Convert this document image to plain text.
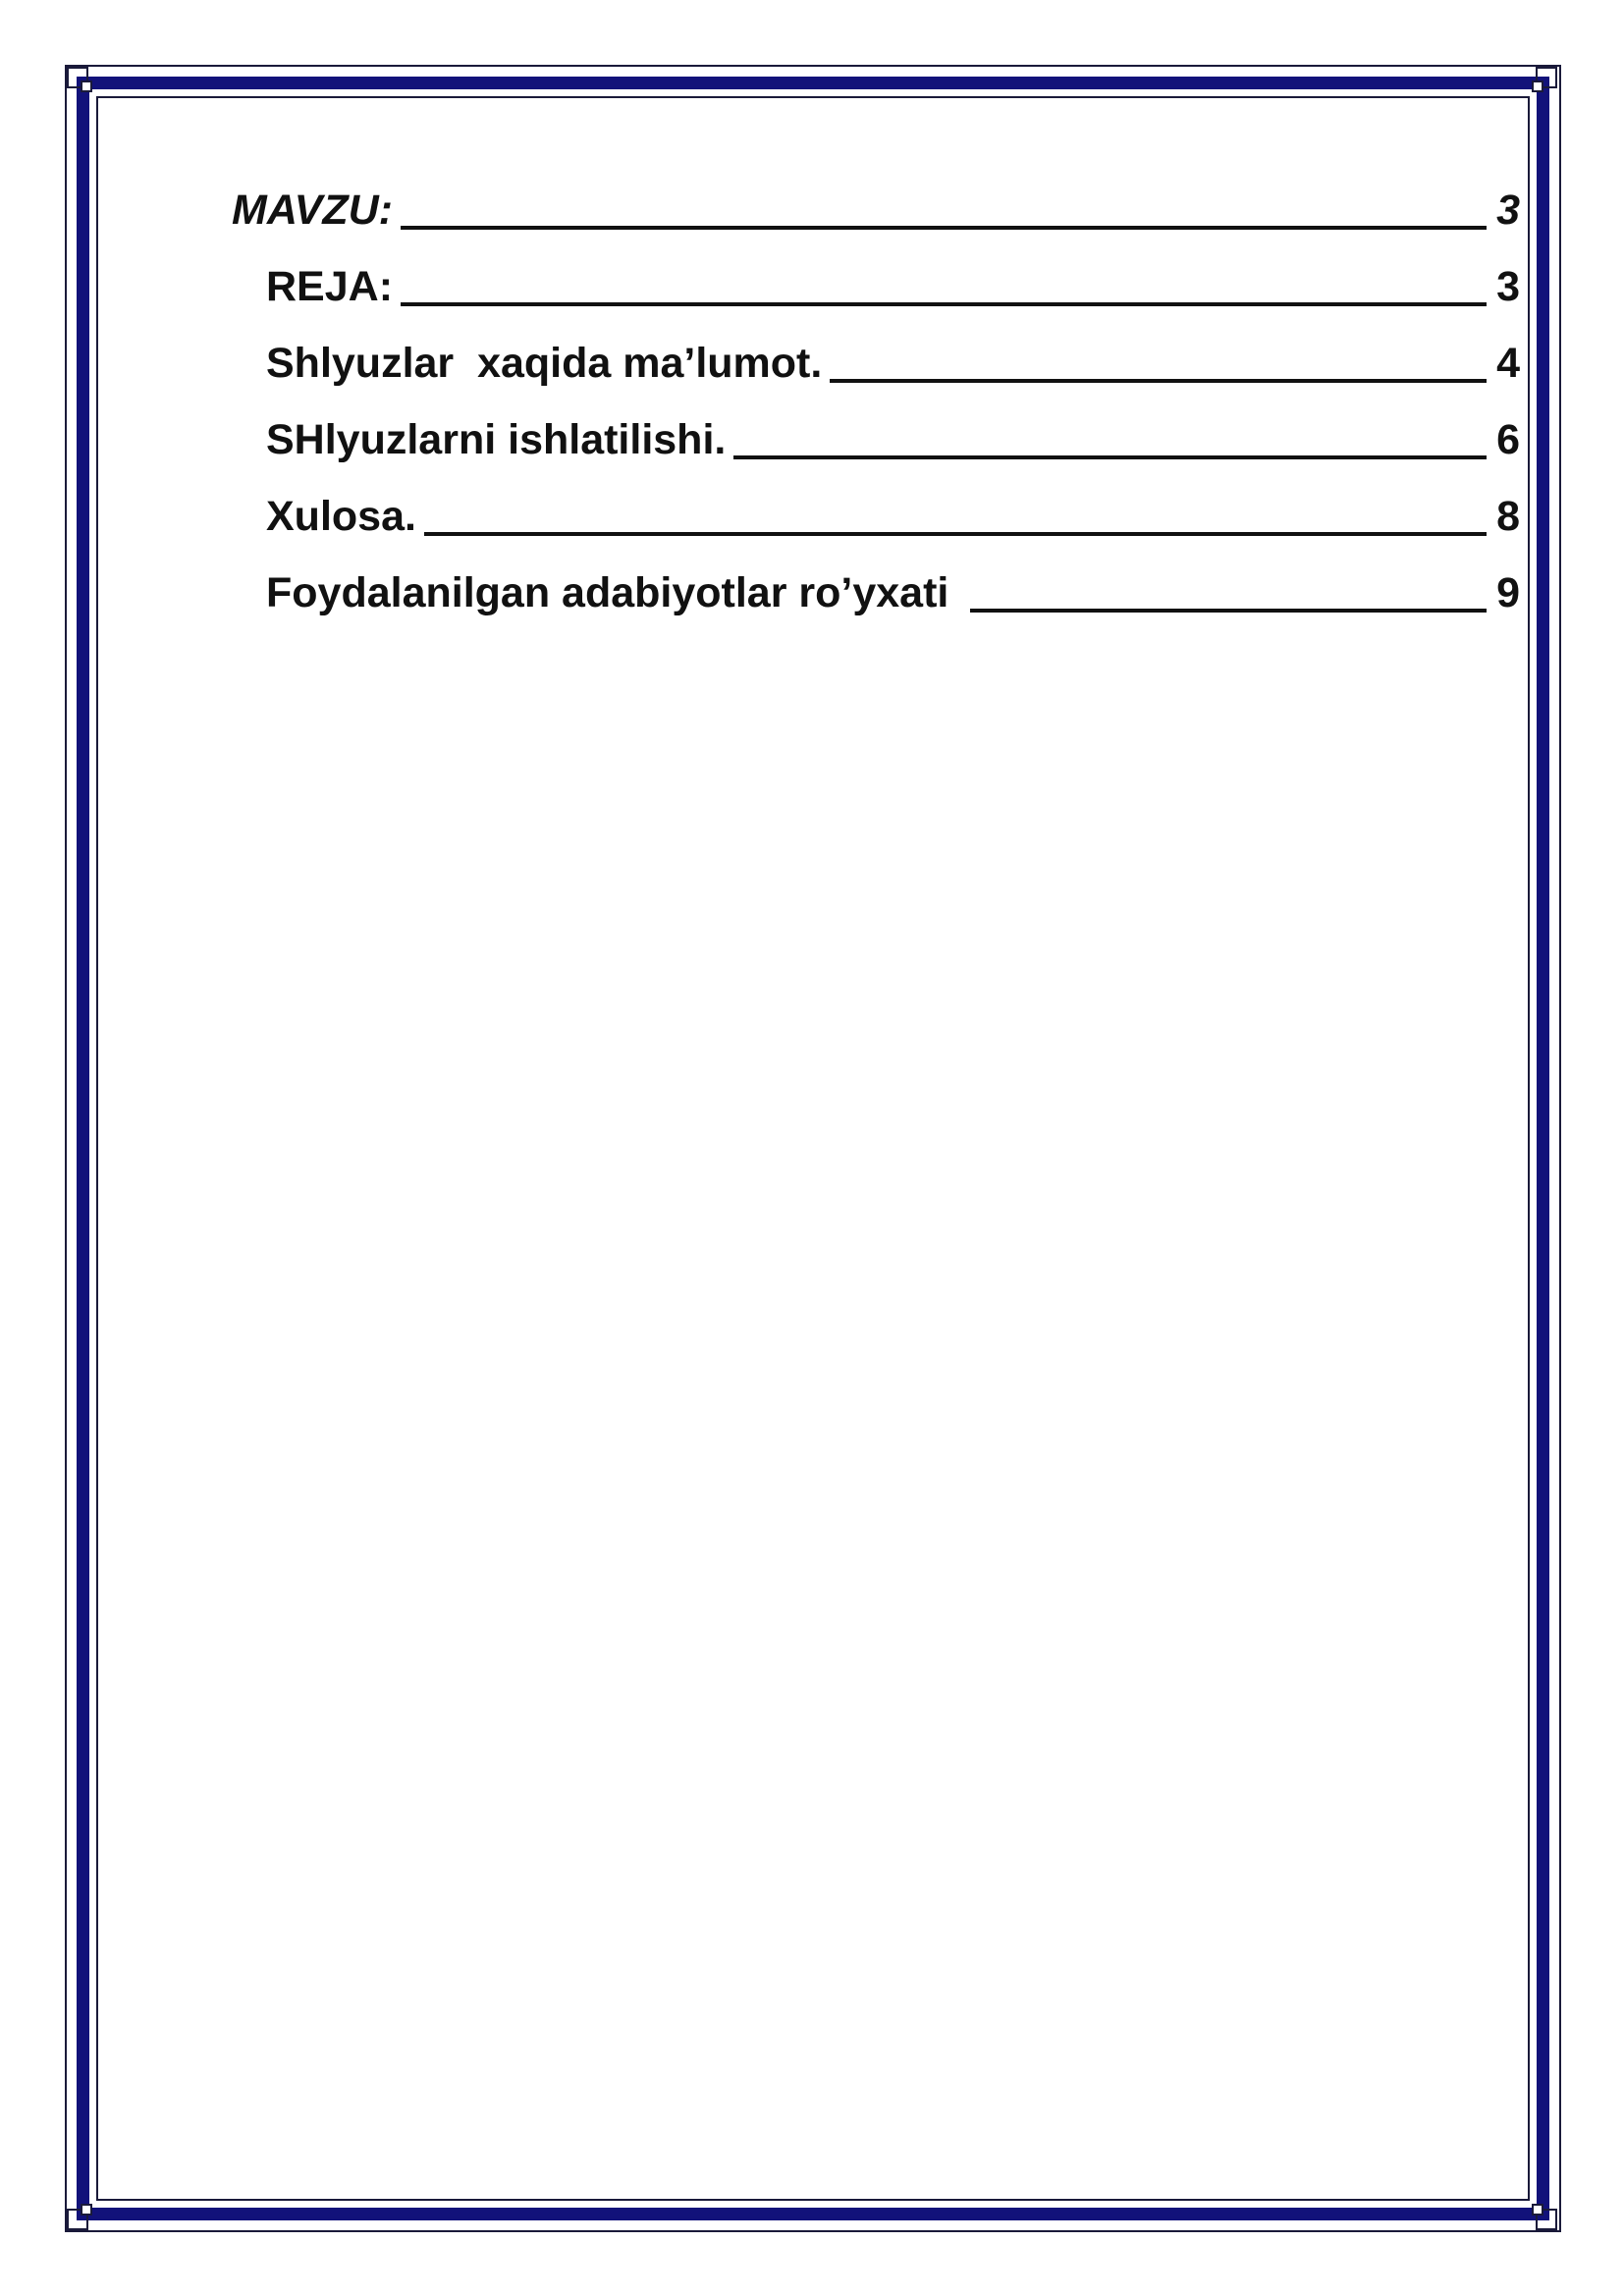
MAVZU:	3
REJA:	3
Shlyuzlar  xaqida ma’lumot.	4
SHlyuzlarni ishlatilishi.	6
Xulosa.	8
Foydalanilgan adabiyotlar ro’yxati	9
